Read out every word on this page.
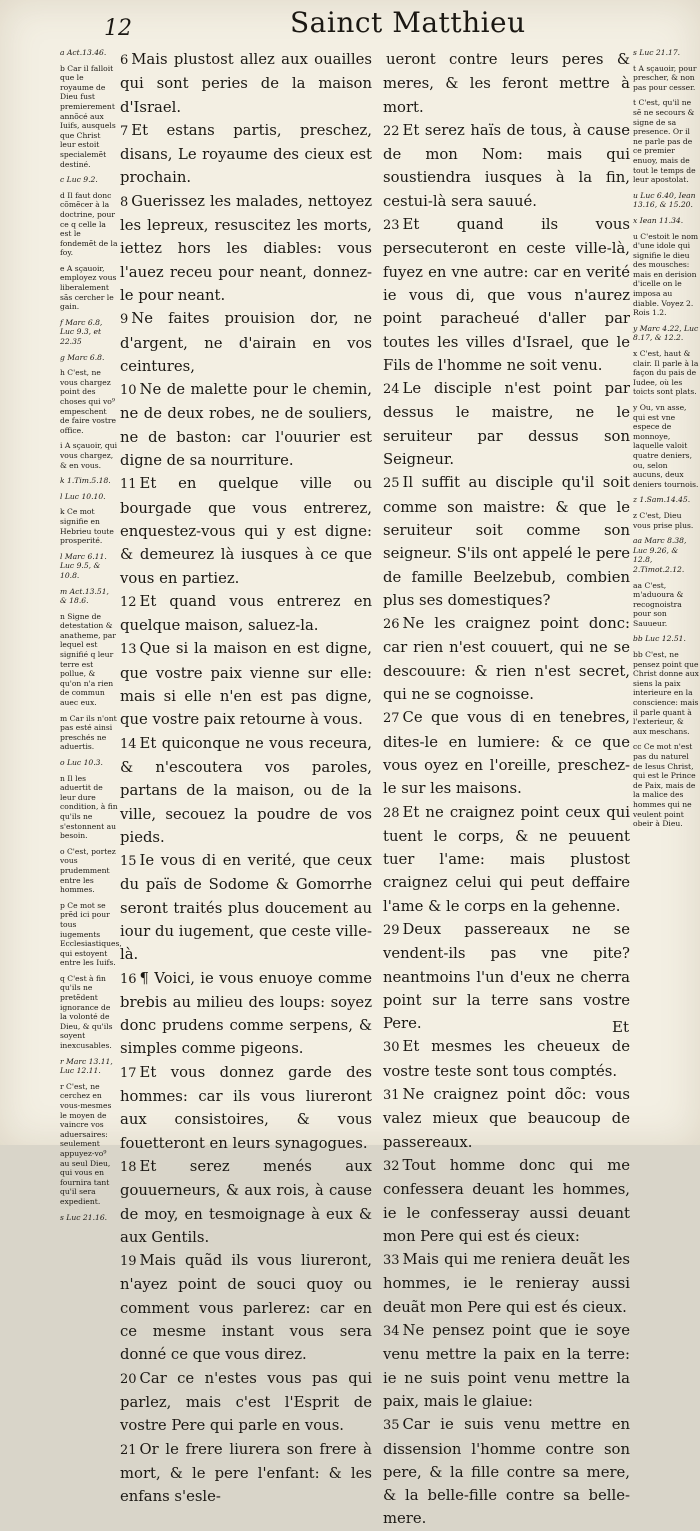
12	Sainct Matthieu
a Act.13.46.
b Car il falloit que le royaume de Dieu fust premierement annõcé aux Iuifs, ausquels que Christ leur estoit specialemẽt destiné.
c Luc 9.2.
d Il faut donc cõmẽcer à la doctrine, pour ce q celle la est le fondemẽt de la foy.
e A sçauoir, employez vous liberalement sãs cercher le gain.
f Marc 6.8, Luc 9.3, et 22.35
g Marc 6.8.
h C'est, ne vous chargez point des choses qui vo⁹ empeschent de faire vostre office.
i A sçauoir, qui vous chargez, & en vous.
k 1.Tim.5.18.
l Luc 10.10.
k Ce mot signifie en Hebrieu toute prosperité.
l Marc 6.11. Luc 9.5, & 10.8.
m Act.13.51, & 18.6.
n Signe de detestation & anatheme, par lequel est signifié q leur terre est pollue, & qu'on n'a rien de commun auec eux.
m Car ils n'ont pas esté ainsi preschés ne aduertis.
o Luc 10.3.
n Il les aduertit de leur dure condition, à fin qu'ils ne s'estonnent au besoin.
o C'est, portez vous prudemment entre les hommes.
p Ce mot se prẽd ici pour tous iugements Ecclesiastiques, qui estoyent entre les Iuifs.
q C'est à fin qu'ils ne pretẽdent ignorance de la volonté de Dieu, & qu'ils soyent inexcusables.
r Marc 13.11, Luc 12.11.
r C'est, ne cerchez en vous-mesmes le moyen de vaincre vos aduersaires: seulement appuyez-vo⁹ au seul Dieu, qui vous en fournira tant qu'il sera expedient.
s Luc 21.16.
6 Mais plustost allez aux ouailles qui sont peries de la maison d'Israel.
7 Et estans partis, preschez, disans, Le royaume des cieux est prochain.
8 Guerissez les malades, nettoyez les lepreux, resuscitez les morts, iettez hors les diables: vous l'auez receu pour neant, donnez-le pour neant.
9 Ne faites prouision dor, ne d'argent, ne d'airain en vos ceintures,
10 Ne de malette pour le chemin, ne de deux robes, ne de souliers, ne de baston: car l'ouurier est digne de sa nourriture.
11 Et en quelque ville ou bourgade que vous entrerez, enquestez-vous qui y est digne: & demeurez là iusques à ce que vous en partiez.
12 Et quand vous entrerez en quelque maison, saluez-la.
13 Que si la maison en est digne, que vostre paix vienne sur elle: mais si elle n'en est pas digne, que vostre paix retourne à vous.
14 Et quiconque ne vous receura, & n'escoutera vos paroles, partans de la maison, ou de la ville, secouez la poudre de vos pieds.
15 Ie vous di en verité, que ceux du païs de Sodome & Gomorrhe seront traités plus doucement au iour du iugement, que ceste ville-là.
16 ¶ Voici, ie vous enuoye comme brebis au milieu des loups: soyez donc prudens comme serpens, & simples comme pigeons.
17 Et vous donnez garde des hommes: car ils vous liureront aux consistoires, & vous fouetteront en leurs synagogues.
18 Et serez menés aux gouuerneurs, & aux rois, à cause de moy, en tesmoignage à eux & aux Gentils.
19 Mais quãd ils vous liureront, n'ayez point de souci quoy ou comment vous parlerez: car en ce mesme instant vous sera donné ce que vous direz.
20 Car ce n'estes vous pas qui parlez, mais c'est l'Esprit de vostre Pere qui parle en vous.
21 Or le frere liurera son frere à mort, & le pere l'enfant: & les enfans s'esle-
ueront contre leurs peres & meres, & les feront mettre à mort.
22 Et serez haïs de tous, à cause de mon Nom: mais qui soustiendra iusques à la fin, cestui-là sera sauué.
23 Et quand ils vous persecuteront en ceste ville-là, fuyez en vne autre: car en verité ie vous di, que vous n'aurez point paracheué d'aller par toutes les villes d'Israel, que le Fils de l'homme ne soit venu.
24 Le disciple n'est point par dessus le maistre, ne le seruiteur par dessus son Seigneur.
25 Il suffit au disciple qu'il soit comme son maistre: & que le seruiteur soit comme son seigneur. S'ils ont appelé le pere de famille Beelzebub, combien plus ses domestiques?
26 Ne les craignez point donc: car rien n'est couuert, qui ne se descouure: & rien n'est secret, qui ne se cognoisse.
27 Ce que vous di en tenebres, dites-le en lumiere: & ce que vous oyez en l'oreille, preschez-le sur les maisons.
28 Et ne craignez point ceux qui tuent le corps, & ne peuuent tuer l'ame: mais plustost craignez celui qui peut deffaire l'ame & le corps en la gehenne.
29 Deux passereaux ne se vendent-ils pas vne pite? neantmoins l'un d'eux ne cherra point sur la terre sans vostre Pere.
30 Et mesmes les cheueux de vostre teste sont tous comptés.
31 Ne craignez point dõc: vous valez mieux que beaucoup de passereaux.
32 Tout homme donc qui me confessera deuant les hommes, ie le confesseray aussi deuant mon Pere qui est és cieux:
33 Mais qui me reniera deuãt les hommes, ie le renieray aussi deuãt mon Pere qui est és cieux.
34 Ne pensez point que ie soye venu mettre la paix en la terre: ie ne suis point venu mettre la paix, mais le glaiue:
35 Car ie suis venu mettre en dissension l'homme contre son pere, & la fille contre sa mere, & la belle-fille contre sa belle-mere.
s Luc 21.17.
t A sçauoir, pour prescher, & non pas pour cesser.
t C'est, qu'il ne sẽ ne secours & signe de sa presence. Or il ne parle pas de ce premier enuoy, mais de tout le temps de leur apostolat.
u Luc 6.40, Iean 13.16, & 15.20.
x Iean 11.34.
u C'estoit le nom d'une idole qui signifie le dieu des mousches: mais en derision d'icelle on le imposa au diable. Voyez 2. Rois 1.2.
y Marc 4.22, Luc 8.17, & 12.2.
x C'est, haut & clair. Il parle à la façon du pais de Iudee, où les toicts sont plats.
y Ou, vn asse, qui est vne espece de monnoye, laquelle valoit quatre deniers, ou, selon aucuns, deux deniers tournois.
z 1.Sam.14.45.
z C'est, Dieu vous prise plus.
aa Marc 8.38, Luc 9.26, & 12.8, 2.Timot.2.12.
aa C'est, m'aduoura & recognoistra pour son Sauueur.
bb Luc 12.51.
bb C'est, ne pensez point que Christ donne aux siens la paix interieure en la conscience: mais il parle quant à l'exterieur, & aux meschans.
cc Ce mot n'est pas du naturel de Iesus Christ, qui est le Prince de Paix, mais de la malice des hommes qui ne veulent point obeir à Dieu.
Et
